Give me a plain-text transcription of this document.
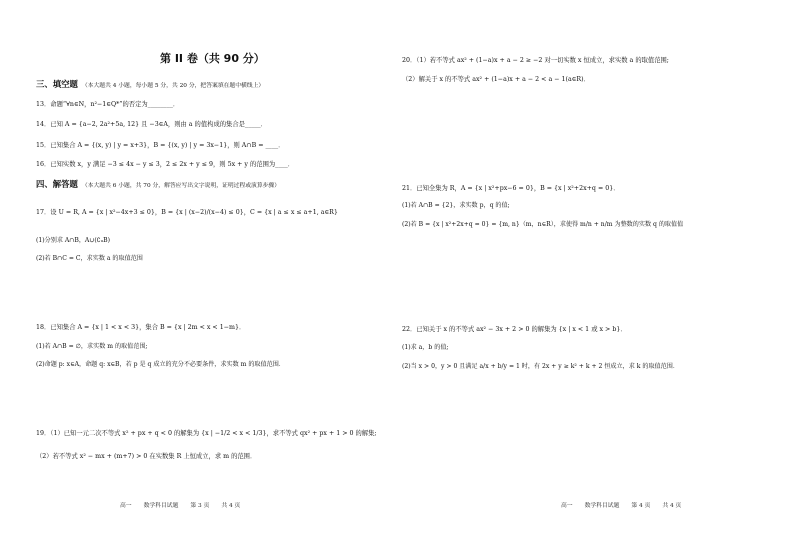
第 II 卷（共 90 分）
三、填空题 （本大题共 4 小题，每小题 5 分，共 20 分，把答案填在题中横线上）
13．命题“∀n∈N，n²−1∈Q*”的否定为________．
14．已知 A = {a−2, 2a²+5a, 12} 且 −3∈A，则由 a 的值构成的集合是_____．
15．已知集合 A = {(x, y) | y = x+3}，B = {(x, y) | y = 3x−1}，则 A∩B = ____．
16．已知实数 x，y 满足 −3 ≤ 4x − y ≤ 3，2 ≤ 2x + y ≤ 9，则 5x + y 的范围为____．
四、解答题 （本大题共 6 小题，共 70 分，解答应写出文字说明，证明过程或演算步骤）
17．设 U = R, A = {x | x²−4x+3 ≤ 0}，B = {x | (x−2)/(x−4) ≤ 0}，C = {x | a ≤ x ≤ a+1, a∈R}
(1)分别求 A∩B，A∪(∁ᵤB)
(2)若 B∩C = C，求实数 a 的取值范围
18．已知集合 A = {x | 1 < x < 3}，集合 B = {x | 2m < x < 1−m}．
(1)若 A∩B = ∅，求实数 m 的取值范围;
(2)命题 p: x∈A，命题 q: x∈B，若 p 是 q 成立的充分不必要条件，求实数 m 的取值范围．
19．（1）已知一元二次不等式 x² + px + q < 0 的解集为 {x | −1/2 < x < 1/3}，求不等式 qx² + px + 1 > 0 的解集;
（2）若不等式 x² − mx + (m+7) > 0 在实数集 R 上恒成立，求 m 的范围．
高一 数学科目试题 第 3 页 共 4 页
20．（1）若不等式 ax² + (1−a)x + a − 2 ≥ −2 对一切实数 x 恒成立，求实数 a 的取值范围;
（2）解关于 x 的不等式 ax² + (1−a)x + a − 2 < a − 1(a∈R)．
21．已知全集为 R，A = {x | x²+px−6 = 0}，B = {x | x²+2x+q = 0}．
(1)若 A∩B = {2}，求实数 p，q 的值;
(2)若 B = {x | x²+2x+q = 0} = {m, n}（m，n∈R），求使得 m/n + n/m 为整数的实数 q 的取值值
22．已知关于 x 的不等式 ax² − 3x + 2 > 0 的解集为 {x | x < 1 或 x > b}．
(1)求 a，b 的值;
(2)当 x > 0，y > 0 且满足 a/x + b/y = 1 时，有 2x + y ≥ k² + k + 2 恒成立，求 k 的取值范围．
高一 数学科目试题 第 4 页 共 4 页
